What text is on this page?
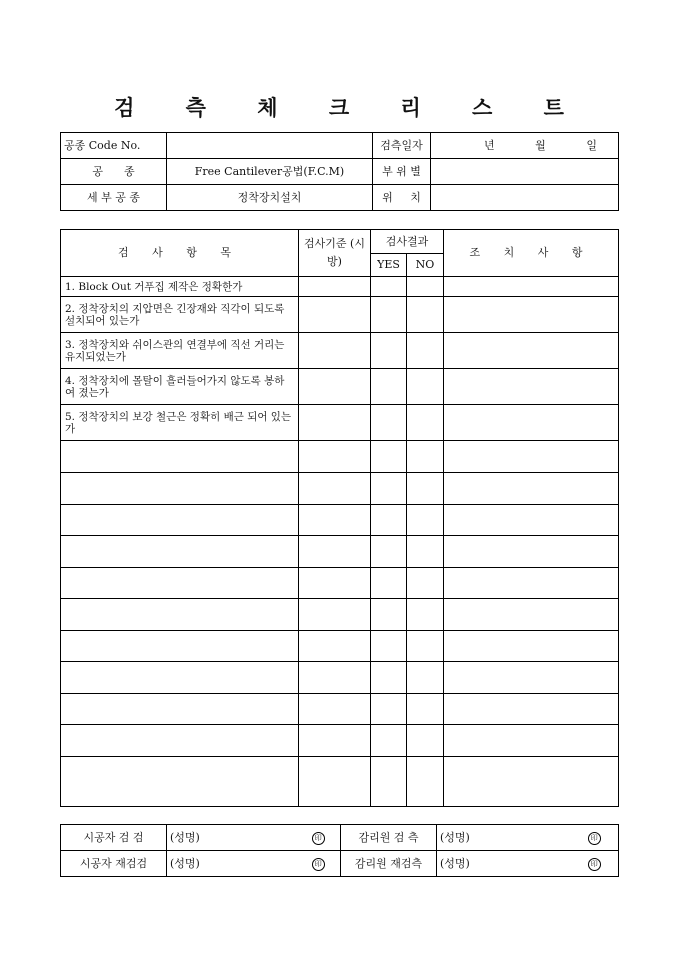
검 측 체 크 리 스 트
공종 Code No.		검측일자	년 월 일

공      종	Free Cantilever공법(F.C.M)	부 위 별	
세 부 공 종	정착장치설치	위     치	
검 사 항 목	검사기준 (시방)	검사결과		조 치 사 항
		YES	NO	
1. Block Out 거푸집 제작은 정확한가				
2. 정착장치의 지압면은 긴장재와 직각이 되도록 설치되어 있는가				
3. 정착장치와 쉬이스관의 연결부에 직선 거리는 유지되었는가				
4. 정착장치에 몰탈이 흘러들어가지 않도록 봉하여 졌는가				
5. 정착장치의 보강 철근은 정확히 배근 되어 있는가				

시공자 검 검	(성명)	印	감리원 검 측	(성명)	印
시공자 재검검	(성명)	印	감리원 재검측	(성명)	印
